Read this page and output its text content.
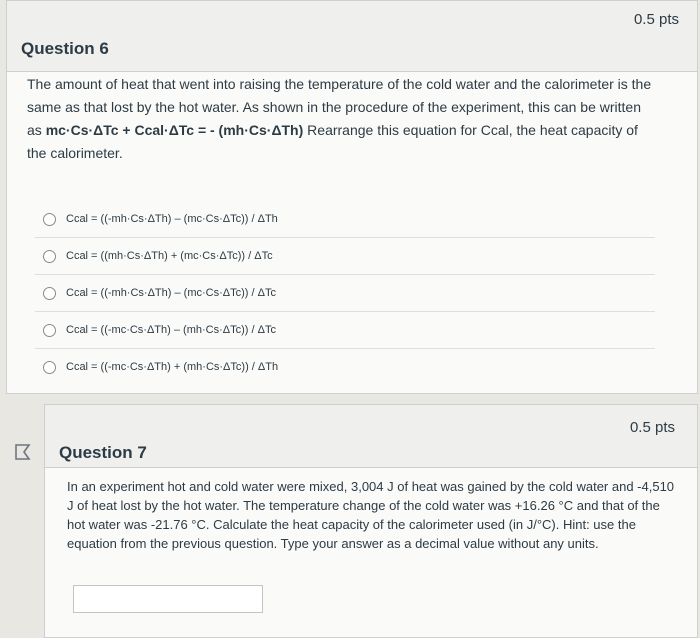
0.5 pts
Question 6
The amount of heat that went into raising the temperature of the cold water and the calorimeter is the same as that lost by the hot water. As shown in the procedure of the experiment, this can be written as mc·Cs·ΔTc + Ccal·ΔTc = - (mh·Cs·ΔTh) Rearrange this equation for Ccal, the heat capacity of the calorimeter.
Ccal = ((-mh·Cs·ΔTh) – (mc·Cs·ΔTc)) / ΔTh
Ccal = ((mh·Cs·ΔTh) + (mc·Cs·ΔTc)) / ΔTc
Ccal = ((-mh·Cs·ΔTh) – (mc·Cs·ΔTc)) / ΔTc
Ccal = ((-mc·Cs·ΔTh) – (mh·Cs·ΔTc)) / ΔTc
Ccal = ((-mc·Cs·ΔTh) + (mh·Cs·ΔTc)) / ΔTh
0.5 pts
Question 7
In an experiment hot and cold water were mixed, 3,004 J of heat was gained by the cold water and -4,510 J of heat lost by the hot water. The temperature change of the cold water was +16.26 °C and that of the hot water was -21.76 °C. Calculate the heat capacity of the calorimeter used (in J/°C). Hint: use the equation from the previous question. Type your answer as a decimal value without any units.
